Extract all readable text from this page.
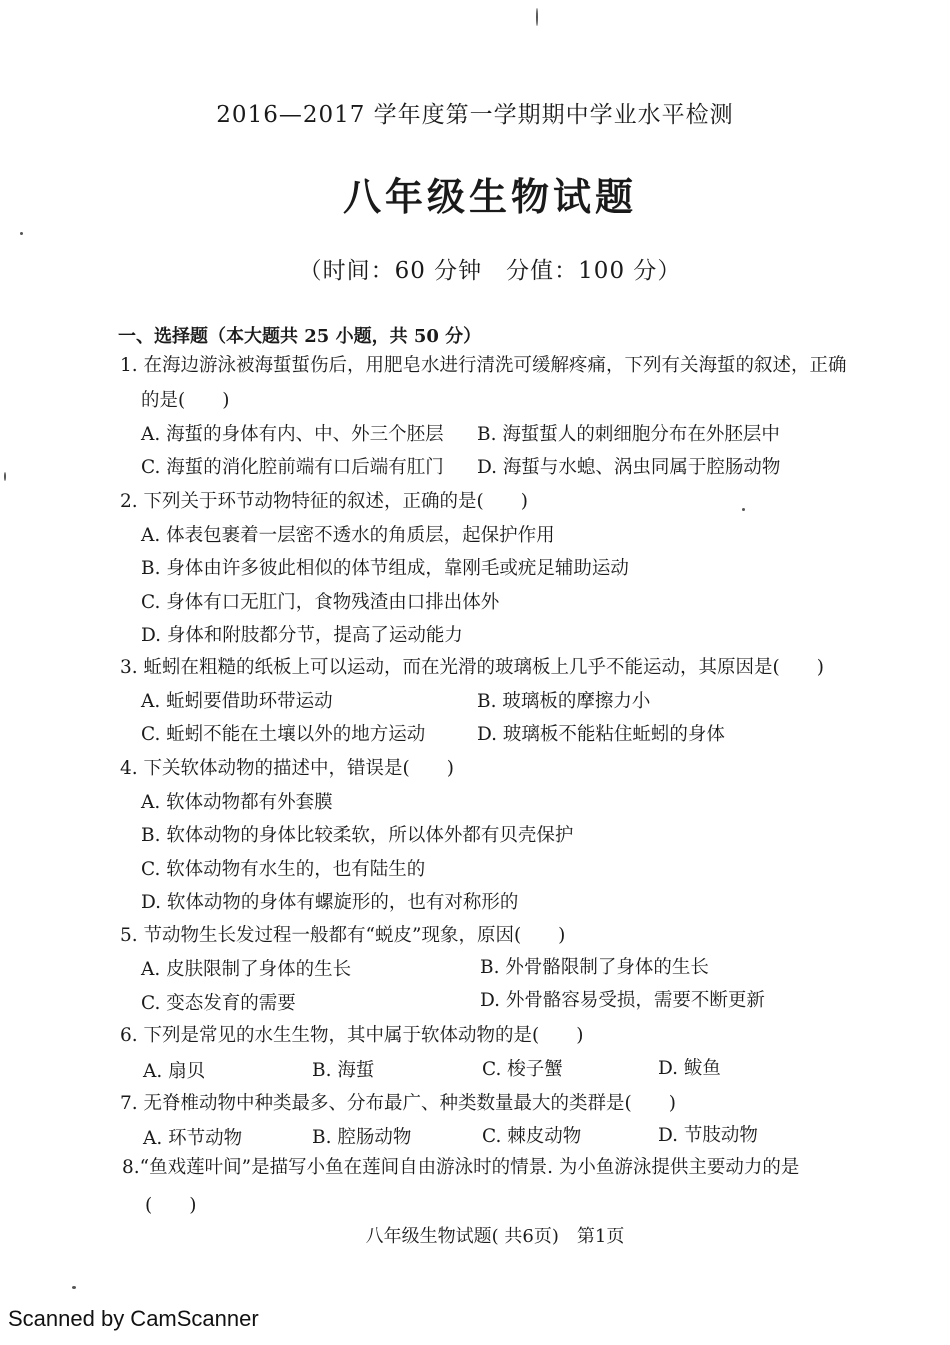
2016—2017 学年度第一学期期中学业水平检测
八年级生物试题
（时间：60 分钟　分值：100 分）
一、选择题（本大题共 25 小题，共 50 分）
1. 在海边游泳被海蜇蜇伤后，用肥皂水进行清洗可缓解疼痛，下列有关海蜇的叙述，正确
的是(　　)
A. 海蜇的身体有内、中、外三个胚层 B. 海蜇蜇人的刺细胞分布在外胚层中
C. 海蜇的消化腔前端有口后端有肛门 D. 海蜇与水螅、涡虫同属于腔肠动物
2. 下列关于环节动物特征的叙述，正确的是(　　)
A. 体表包裹着一层密不透水的角质层，起保护作用
B. 身体由许多彼此相似的体节组成，靠刚毛或疣足辅助运动
C. 身体有口无肛门，食物残渣由口排出体外
D. 身体和附肢都分节，提高了运动能力
3. 蚯蚓在粗糙的纸板上可以运动，而在光滑的玻璃板上几乎不能运动，其原因是(　　)
A. 蚯蚓要借助环带运动	B. 玻璃板的摩擦力小
C. 蚯蚓不能在土壤以外的地方运动	D. 玻璃板不能粘住蚯蚓的身体
4. 下关软体动物的描述中，错误是(　　)
A. 软体动物都有外套膜
B. 软体动物的身体比较柔软，所以体外都有贝壳保护
C. 软体动物有水生的，也有陆生的
D. 软体动物的身体有螺旋形的，也有对称形的
5. 节动物生长发过程一般都有“蜕皮”现象，原因(　　)
A. 皮肤限制了身体的生长	B. 外骨骼限制了身体的生长
C. 变态发育的需要	D. 外骨骼容易受损，需要不断更新
6. 下列是常见的水生生物，其中属于软体动物的是(　　)
A. 扇贝	B. 海蜇	C. 梭子蟹	D. 鲅鱼
7. 无脊椎动物中种类最多、分布最广、种类数量最大的类群是(　　)
A. 环节动物	B. 腔肠动物	C. 棘皮动物	D. 节肢动物
8.“鱼戏莲叶间”是描写小鱼在莲间自由游泳时的情景. 为小鱼游泳提供主要动力的是
(　　)
八年级生物试题( 共6页)　第1页
Scanned by CamScanner
